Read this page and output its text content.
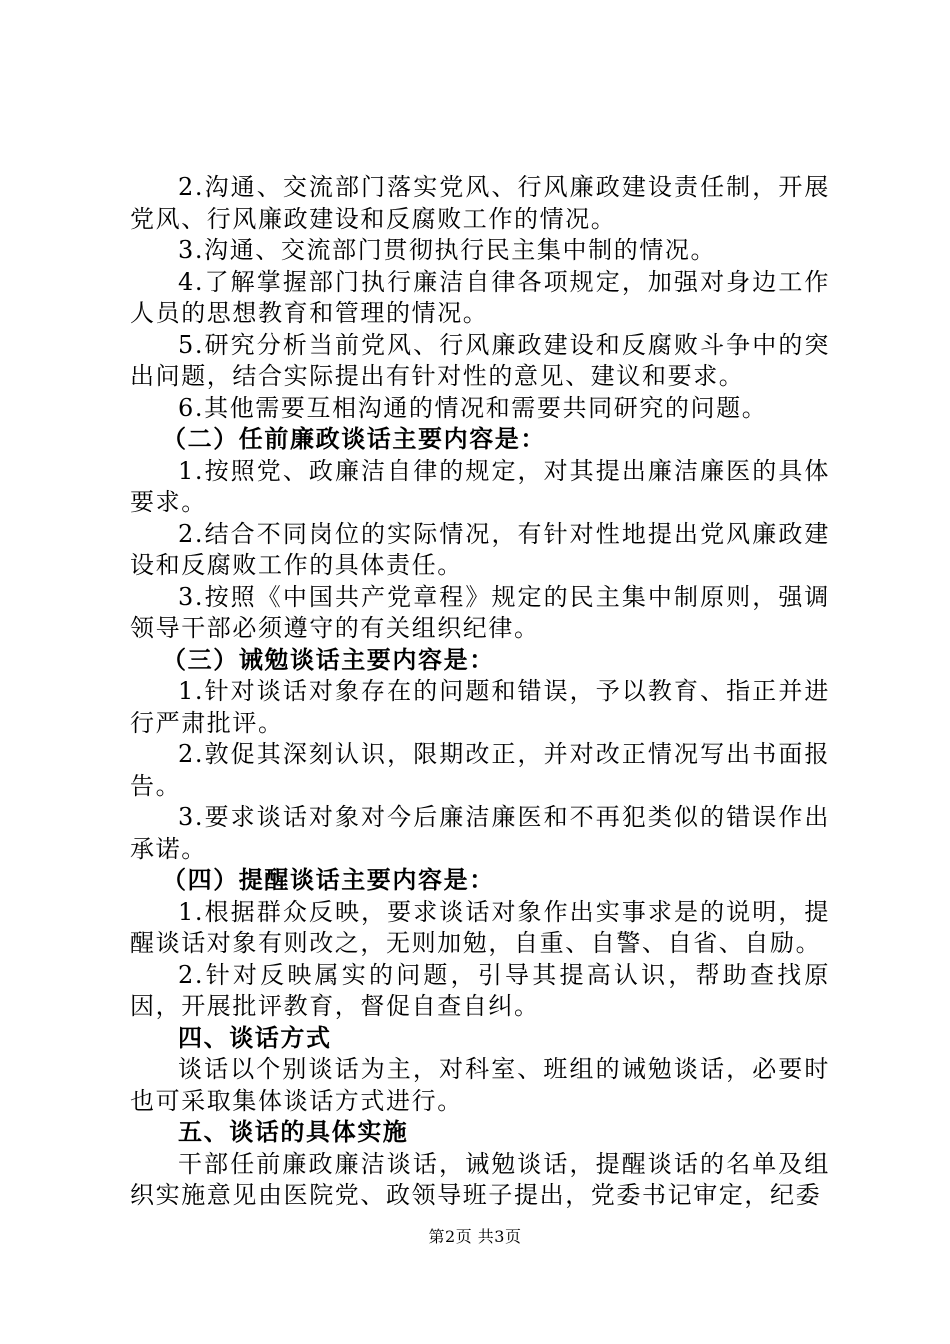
2.沟通、交流部门落实党风、行风廉政建设责任制，开展党风、行风廉政建设和反腐败工作的情况。

3.沟通、交流部门贯彻执行民主集中制的情况。

4.了解掌握部门执行廉洁自律各项规定，加强对身边工作人员的思想教育和管理的情况。

5.研究分析当前党风、行风廉政建设和反腐败斗争中的突出问题，结合实际提出有针对性的意见、建议和要求。

6.其他需要互相沟通的情况和需要共同研究的问题。

（二）任前廉政谈话主要内容是：

1.按照党、政廉洁自律的规定，对其提出廉洁廉医的具体要求。

2.结合不同岗位的实际情况，有针对性地提出党风廉政建设和反腐败工作的具体责任。

3.按照《中国共产党章程》规定的民主集中制原则，强调领导干部必须遵守的有关组织纪律。

（三）诫勉谈话主要内容是：

1.针对谈话对象存在的问题和错误，予以教育、指正并进行严肃批评。

2.敦促其深刻认识，限期改正，并对改正情况写出书面报告。

3.要求谈话对象对今后廉洁廉医和不再犯类似的错误作出承诺。

（四）提醒谈话主要内容是：

1.根据群众反映，要求谈话对象作出实事求是的说明，提醒谈话对象有则改之，无则加勉，自重、自警、自省、自励。

2.针对反映属实的问题，引导其提高认识，帮助查找原因，开展批评教育，督促自查自纠。

四、谈话方式

谈话以个别谈话为主，对科室、班组的诫勉谈话，必要时也可采取集体谈话方式进行。

五、谈话的具体实施

干部任前廉政廉洁谈话，诫勉谈话，提醒谈话的名单及组织实施意见由医院党、政领导班子提出，党委书记审定，纪委

第2页 共3页
